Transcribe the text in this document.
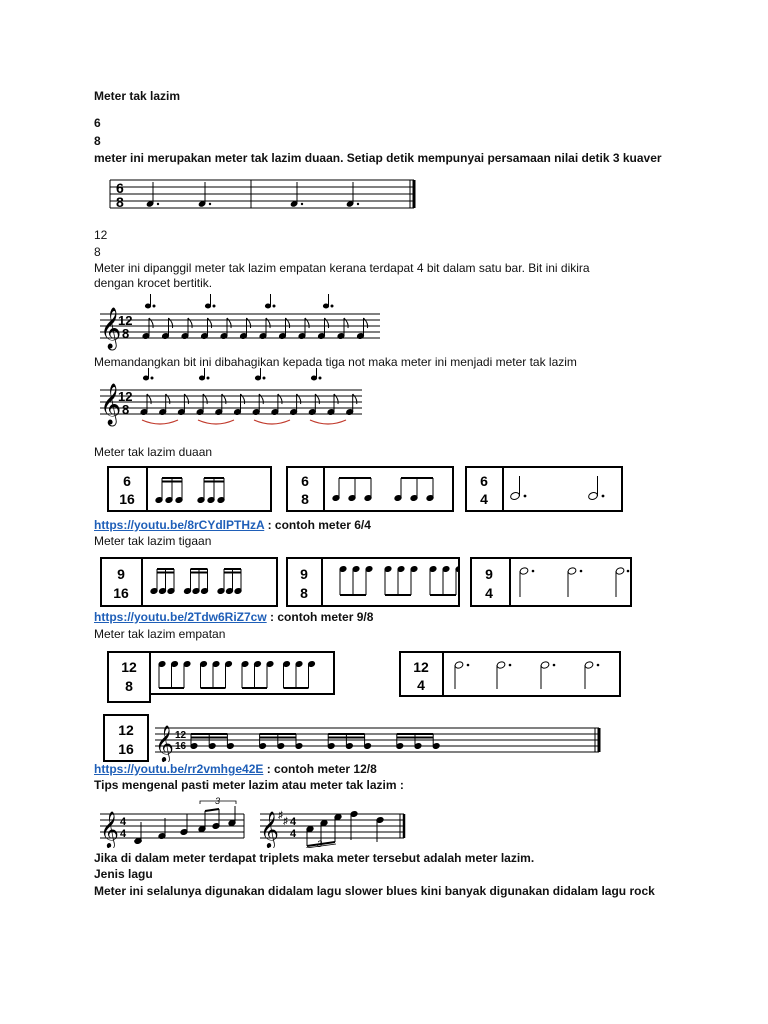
Meter tak lazim
6
8
meter ini merupakan meter tak lazim duaan. Setiap detik mempunyai persamaan nilai detik 3 kuaver
6
8
12
8
Meter ini dipanggil meter tak lazim empatan kerana terdapat 4 bit dalam satu bar. Bit ini dikira
dengan krocet bertitik.
𝄞
12
8
Memandangkan bit ini dibahagikan kepada tiga not maka meter ini menjadi meter tak lazim
𝄞
12
8
Meter tak lazim duaan
6
16
6
8
6
4
https://youtu.be/8rCYdlPTHzA : contoh meter 6/4
Meter tak lazim tigaan
9
16
9
8
9
4
https://youtu.be/2Tdw6RiZ7cw : contoh meter 9/8
Meter tak lazim empatan
12
8
12
4
12
16 𝄞 12
16
https://youtu.be/rr2vmhge42E : contoh meter 12/8
Tips mengenal pasti meter lazim atau meter tak lazim :
𝄞 4
4
3
𝄞 ♯
♯ 4
4
3
Jika di dalam meter terdapat triplets maka meter tersebut adalah meter lazim.
Jenis lagu
Meter ini selalunya digunakan didalam lagu slower blues kini banyak digunakan didalam lagu rock
